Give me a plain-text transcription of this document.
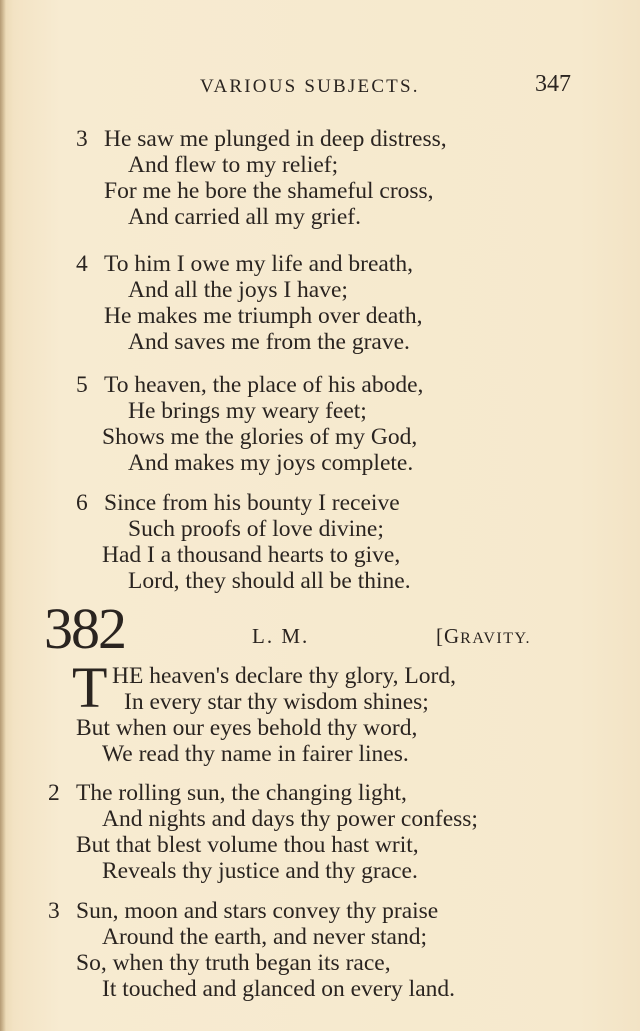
VARIOUS SUBJECTS.	347
3 He saw me plunged in deep distress,
And flew to my relief;
For me he bore the shameful cross,
And carried all my grief.
4 To him I owe my life and breath,
And all the joys I have;
He makes me triumph over death,
And saves me from the grave.
5 To heaven, the place of his abode,
He brings my weary feet;
Shows me the glories of my God,
And makes my joys complete.
6 Since from his bounty I receive
Such proofs of love divine;
Had I a thousand hearts to give,
Lord, they should all be thine.
382	L. M.	[GRAVITY.
T HE heaven's declare thy glory, Lord,
In every star thy wisdom shines;
But when our eyes behold thy word,
We read thy name in fairer lines.
2 The rolling sun, the changing light,
And nights and days thy power confess;
But that blest volume thou hast writ,
Reveals thy justice and thy grace.
3 Sun, moon and stars convey thy praise
Around the earth, and never stand;
So, when thy truth began its race,
It touched and glanced on every land.
